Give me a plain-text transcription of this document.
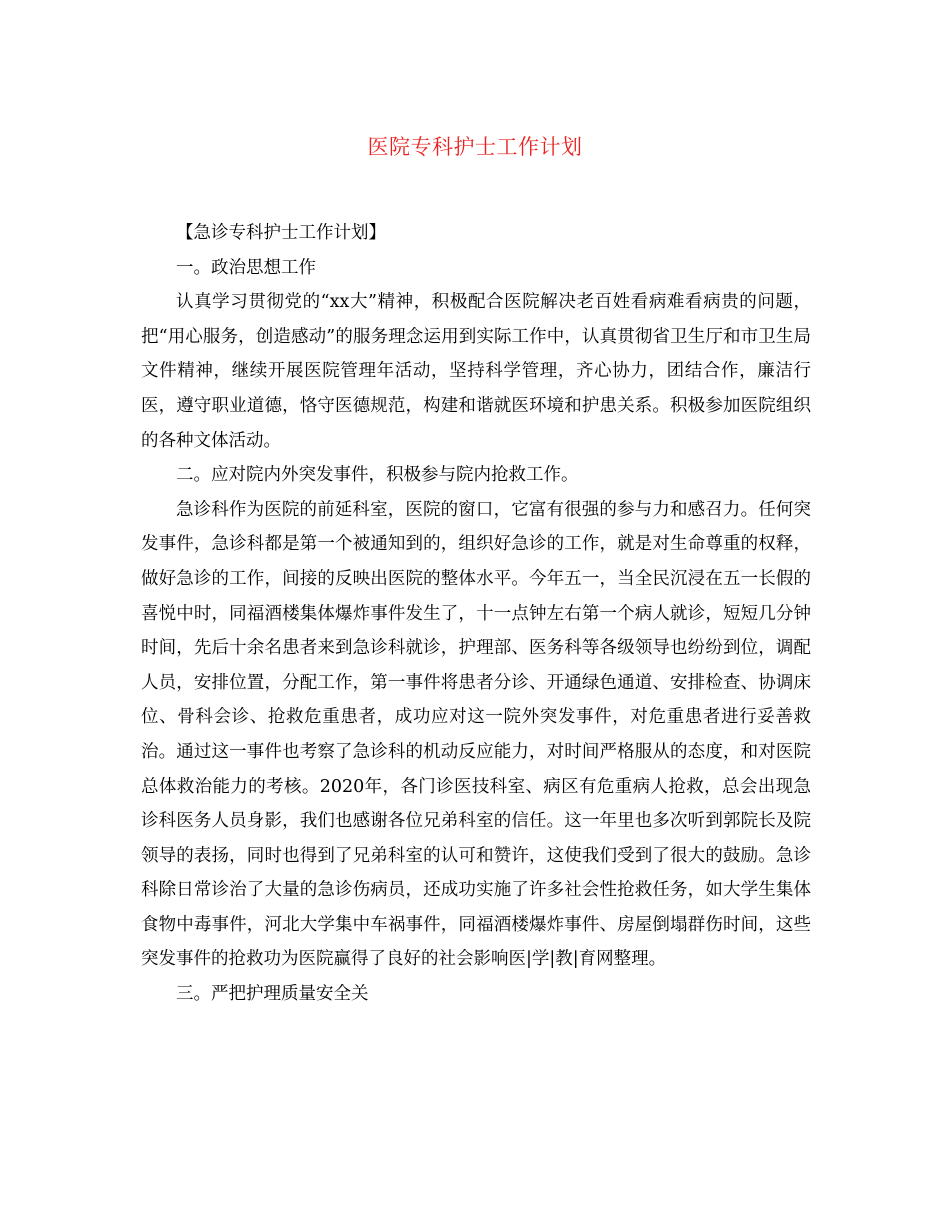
医院专科护士工作计划

【急诊专科护士工作计划】

一。政治思想工作

认真学习贯彻党的“xx大”精神，积极配合医院解决老百姓看病难看病贵的问题，把“用心服务，创造感动”的服务理念运用到实际工作中，认真贯彻省卫生厅和市卫生局文件精神，继续开展医院管理年活动，坚持科学管理，齐心协力，团结合作，廉洁行医，遵守职业道德，恪守医德规范，构建和谐就医环境和护患关系。积极参加医院组织的各种文体活动。

二。应对院内外突发事件，积极参与院内抢救工作。

急诊科作为医院的前延科室，医院的窗口，它富有很强的参与力和感召力。任何突发事件，急诊科都是第一个被通知到的，组织好急诊的工作，就是对生命尊重的权释，做好急诊的工作，间接的反映出医院的整体水平。今年五一，当全民沉浸在五一长假的喜悦中时，同福酒楼集体爆炸事件发生了，十一点钟左右第一个病人就诊，短短几分钟时间，先后十余名患者来到急诊科就诊，护理部、医务科等各级领导也纷纷到位，调配人员，安排位置，分配工作，第一事件将患者分诊、开通绿色通道、安排检查、协调床位、骨科会诊、抢救危重患者，成功应对这一院外突发事件，对危重患者进行妥善救治。通过这一事件也考察了急诊科的机动反应能力，对时间严格服从的态度，和对医院总体救治能力的考核。2020年，各门诊医技科室、病区有危重病人抢救，总会出现急诊科医务人员身影，我们也感谢各位兄弟科室的信任。这一年里也多次听到郭院长及院领导的表扬，同时也得到了兄弟科室的认可和赞许，这使我们受到了很大的鼓励。急诊科除日常诊治了大量的急诊伤病员，还成功实施了许多社会性抢救任务，如大学生集体食物中毒事件，河北大学集中车祸事件，同福酒楼爆炸事件、房屋倒塌群伤时间，这些突发事件的抢救功为医院赢得了良好的社会影响医|学|教|育网整理。

三。严把护理质量安全关
